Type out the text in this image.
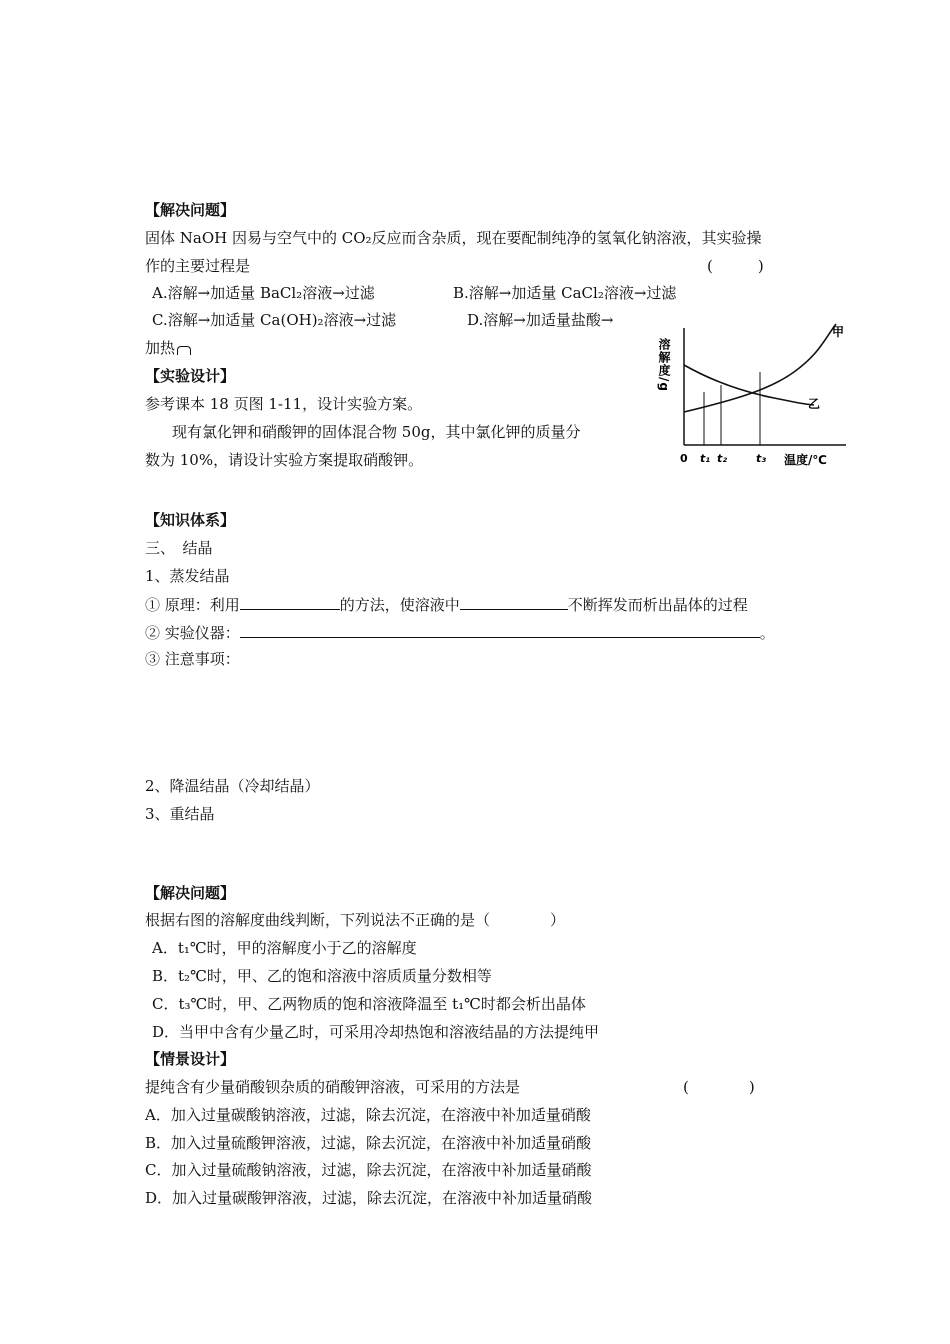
【解决问题】
固体 NaOH 因易与空气中的 CO₂反应而含杂质，现在要配制纯净的氢氧化钠溶液，其实验操
作的主要过程是	(　　　)
A.溶解→加适量 BaCl₂溶液→过滤	B.溶解→加适量 CaCl₂溶液→过滤
C.溶解→加适量 Ca(OH)₂溶液→过滤	D.溶解→加适量盐酸→
加热
【实验设计】
参考课本 18 页图 1-11，设计实验方案。
现有氯化钾和硝酸钾的固体混合物 50g，其中氯化钾的质量分
数为 10%，请设计实验方案提取硝酸钾。
溶解度/g
温度/℃
0 t₁ t₂	t₃
甲
乙
【知识体系】
三、　结晶
1、蒸发结晶
① 原理：利用	的方法，使溶液中	不断挥发而析出晶体的过程
② 实验仪器：	。
③ 注意事项：
2、降温结晶（冷却结晶）
3、重结晶
【解决问题】
根据右图的溶解度曲线判断，下列说法不正确的是（　　　　）
A．t₁℃时，甲的溶解度小于乙的溶解度
B．t₂℃时，甲、乙的饱和溶液中溶质质量分数相等
C．t₃℃时，甲、乙两物质的饱和溶液降温至 t₁℃时都会析出晶体
D．当甲中含有少量乙时，可采用冷却热饱和溶液结晶的方法提纯甲
【情景设计】
提纯含有少量硝酸钡杂质的硝酸钾溶液，可采用的方法是	(　　　　)
A．加入过量碳酸钠溶液，过滤，除去沉淀，在溶液中补加适量硝酸
B．加入过量硫酸钾溶液，过滤，除去沉淀，在溶液中补加适量硝酸
C．加入过量硫酸钠溶液，过滤，除去沉淀，在溶液中补加适量硝酸
D．加入过量碳酸钾溶液，过滤，除去沉淀，在溶液中补加适量硝酸
